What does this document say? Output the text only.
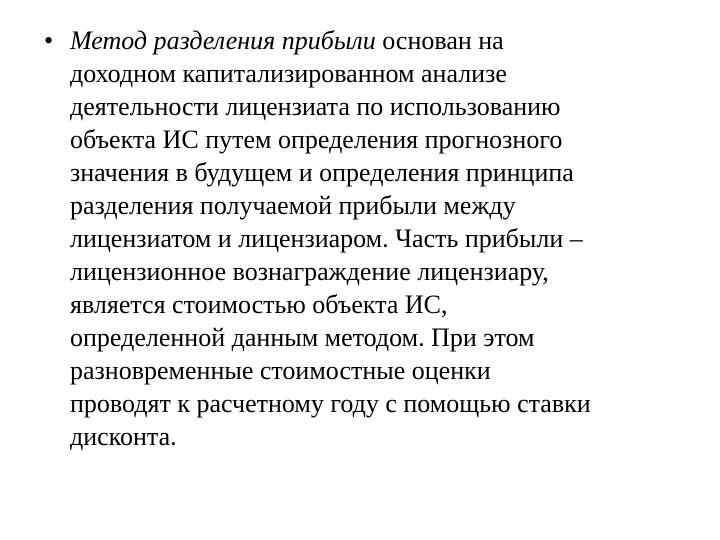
• Метод разделения прибыли основан на
доходном капитализированном анализе
деятельности лицензиата по использованию
объекта ИС путем определения прогнозного
значения в будущем и определения принципа
разделения получаемой прибыли между
лицензиатом и лицензиаром. Часть прибыли –
лицензионное вознаграждение лицензиару,
является стоимостью объекта ИС,
определенной данным методом. При этом
разновременные стоимостные оценки
проводят к расчетному году с помощью ставки
дисконта.
